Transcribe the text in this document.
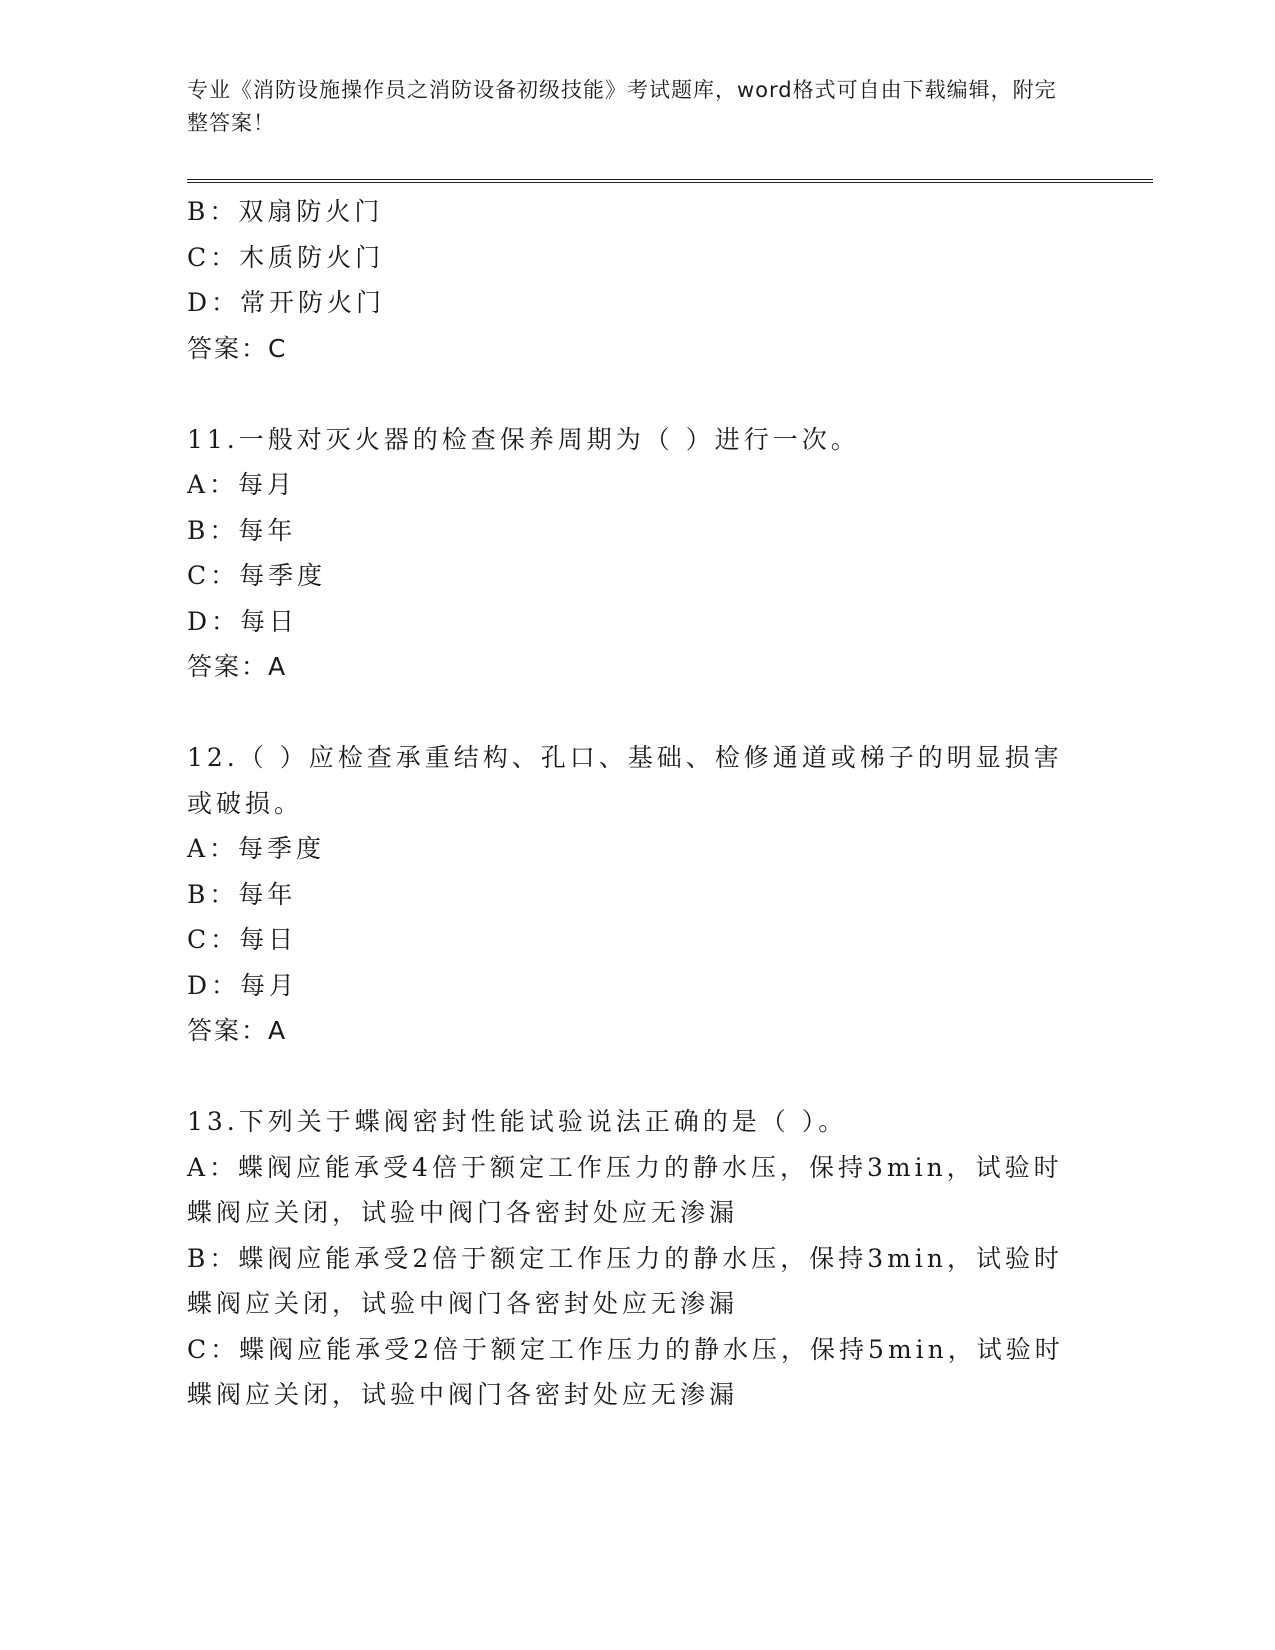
专业《消防设施操作员之消防设备初级技能》考试题库，word格式可自由下载编辑，附完整答案！
B：双扇防火门
C：木质防火门
D：常开防火门
答案：C
11.一般对灭火器的检查保养周期为（ ）进行一次。
A：每月
B：每年
C：每季度
D：每日
答案：A
12.（ ）应检查承重结构、孔口、基础、检修通道或梯子的明显损害或破损。
A：每季度
B：每年
C：每日
D：每月
答案：A
13.下列关于蝶阀密封性能试验说法正确的是（ ）。
A：蝶阀应能承受4倍于额定工作压力的静水压，保持3min，试验时蝶阀应关闭，试验中阀门各密封处应无渗漏
B：蝶阀应能承受2倍于额定工作压力的静水压，保持3min，试验时蝶阀应关闭，试验中阀门各密封处应无渗漏
C：蝶阀应能承受2倍于额定工作压力的静水压，保持5min，试验时蝶阀应关闭，试验中阀门各密封处应无渗漏
